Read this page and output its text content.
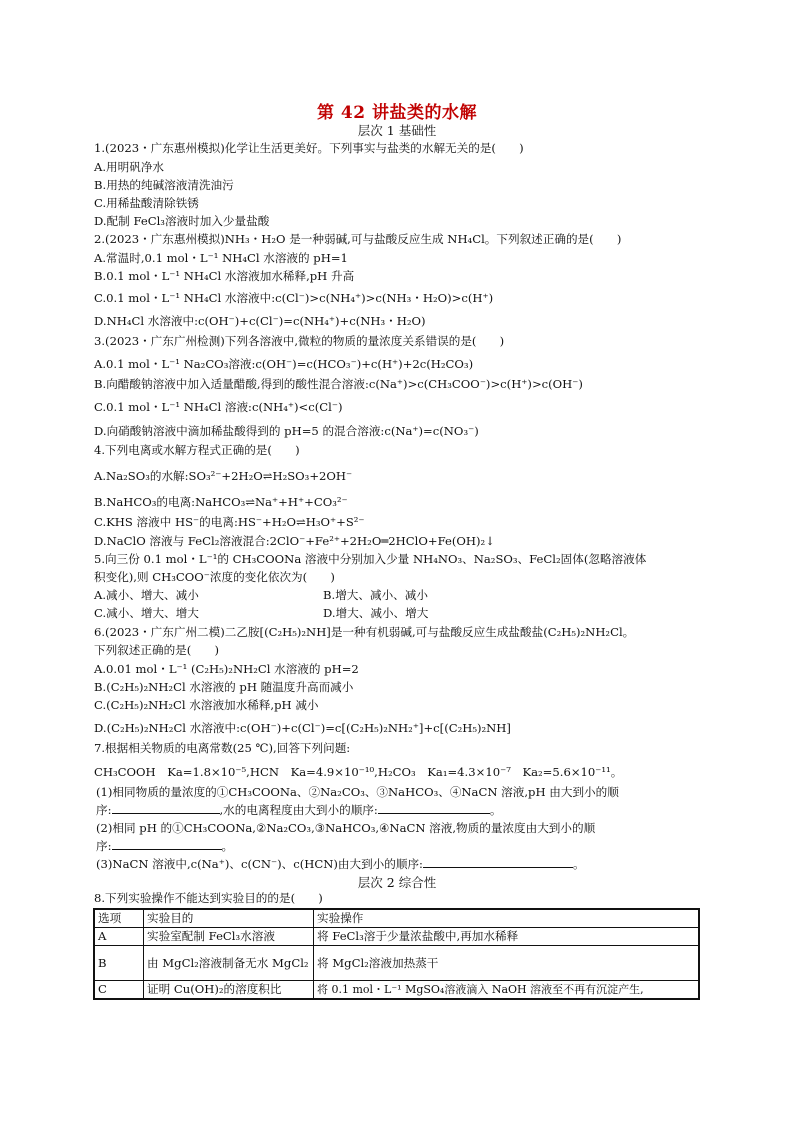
第 42 讲盐类的水解
层次 1 基础性
1.(2023・广东惠州模拟)化学让生活更美好。下列事实与盐类的水解无关的是(　　)
A.用明矾净水
B.用热的纯碱溶液清洗油污
C.用稀盐酸清除铁锈
D.配制 FeCl₃溶液时加入少量盐酸
2.(2023・广东惠州模拟)NH₃・H₂O 是一种弱碱,可与盐酸反应生成 NH₄Cl。下列叙述正确的是(　　)
A.常温时,0.1 mol・L⁻¹ NH₄Cl 水溶液的 pH=1
B.0.1 mol・L⁻¹ NH₄Cl 水溶液加水稀释,pH 升高
C.0.1 mol・L⁻¹ NH₄Cl 水溶液中:c(Cl⁻)>c(NH₄⁺)>c(NH₃・H₂O)>c(H⁺)
D.NH₄Cl 水溶液中:c(OH⁻)+c(Cl⁻)=c(NH₄⁺)+c(NH₃・H₂O)
3.(2023・广东广州检测)下列各溶液中,微粒的物质的量浓度关系错误的是(　　)
A.0.1 mol・L⁻¹ Na₂CO₃溶液:c(OH⁻)=c(HCO₃⁻)+c(H⁺)+2c(H₂CO₃)
B.向醋酸钠溶液中加入适量醋酸,得到的酸性混合溶液:c(Na⁺)>c(CH₃COO⁻)>c(H⁺)>c(OH⁻)
C.0.1 mol・L⁻¹ NH₄Cl 溶液:c(NH₄⁺)<c(Cl⁻)
D.向硝酸钠溶液中滴加稀盐酸得到的 pH=5 的混合溶液:c(Na⁺)=c(NO₃⁻)
4.下列电离或水解方程式正确的是(　　)
A.Na₂SO₃的水解:SO₃²⁻+2H₂O⇌H₂SO₃+2OH⁻
B.NaHCO₃的电离:NaHCO₃⇌Na⁺+H⁺+CO₃²⁻
C.KHS 溶液中 HS⁻的电离:HS⁻+H₂O⇌H₃O⁺+S²⁻
D.NaClO 溶液与 FeCl₂溶液混合:2ClO⁻+Fe²⁺+2H₂O═2HClO+Fe(OH)₂↓
5.向三份 0.1 mol・L⁻¹的 CH₃COONa 溶液中分别加入少量 NH₄NO₃、Na₂SO₃、FeCl₂固体(忽略溶液体
积变化),则 CH₃COO⁻浓度的变化依次为(　　)
A.减小、增大、减小	B.增大、减小、减小
C.减小、增大、增大	D.增大、减小、增大
6.(2023・广东广州二模)二乙胺[(C₂H₅)₂NH]是一种有机弱碱,可与盐酸反应生成盐酸盐(C₂H₅)₂NH₂Cl。
下列叙述正确的是(　　)
A.0.01 mol・L⁻¹ (C₂H₅)₂NH₂Cl 水溶液的 pH=2
B.(C₂H₅)₂NH₂Cl 水溶液的 pH 随温度升高而减小
C.(C₂H₅)₂NH₂Cl 水溶液加水稀释,pH 减小
D.(C₂H₅)₂NH₂Cl 水溶液中:c(OH⁻)+c(Cl⁻)=c[(C₂H₅)₂NH₂⁺]+c[(C₂H₅)₂NH]
7.根据相关物质的电离常数(25 ℃),回答下列问题:
CH₃COOH　Ka=1.8×10⁻⁵,HCN　Ka=4.9×10⁻¹⁰,H₂CO₃　Ka₁=4.3×10⁻⁷　Ka₂=5.6×10⁻¹¹。
(1)相同物质的量浓度的①CH₃COONa、②Na₂CO₃、③NaHCO₃、④NaCN 溶液,pH 由大到小的顺
序:	,水的电离程度由大到小的顺序:	。
(2)相同 pH 的①CH₃COONa,②Na₂CO₃,③NaHCO₃,④NaCN 溶液,物质的量浓度由大到小的顺
序:	。
(3)NaCN 溶液中,c(Na⁺)、c(CN⁻)、c(HCN)由大到小的顺序:	。
层次 2 综合性
8.下列实验操作不能达到实验目的的是(　　)
选项	实验目的	实验操作
A	实验室配制 FeCl₃水溶液	将 FeCl₃溶于少量浓盐酸中,再加水稀释
B	由 MgCl₂溶液制备无水 MgCl₂	将 MgCl₂溶液加热蒸干
C	证明 Cu(OH)₂的溶度积比	将 0.1 mol・L⁻¹ MgSO₄溶液滴入 NaOH 溶液至不再有沉淀产生,
